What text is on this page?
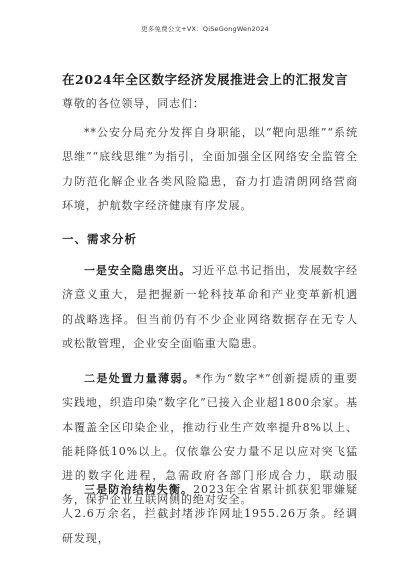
更多免费公文+VX：QiSeGongWen2024
在2024年全区数字经济发展推进会上的汇报发言
尊敬的各位领导，同志们：
**公安分局充分发挥自身职能，以“靶向思维”“系统思维”“底线思维”为指引，全面加强全区网络安全监管全力防范化解企业各类风险隐患，奋力打造清朗网络营商环境，护航数字经济健康有序发展。
一、需求分析
一是安全隐患突出。习近平总书记指出，发展数字经济意义重大，是把握新一轮科技革命和产业变革新机遇的战略选择。但当前仍有不少企业网络数据存在无专人或松散管理，企业安全面临重大隐患。
二是处置力量薄弱。*作为“数字*”创新提质的重要实践地，织造印染“数字化”已接入企业超1800余家。基本覆盖全区印染企业，推动行业生产效率提升8%以上、能耗降低10%以上。仅依靠公安力量不足以应对突飞猛进的数字化进程，急需政府各部门形成合力，联动服务，保护企业互联网侧的绝对安全。
三是防治结构失衡。2023年全省累计抓获犯罪嫌疑人2.6万余名，拦截封堵涉诈网址1955.26万条。经调研发现，
